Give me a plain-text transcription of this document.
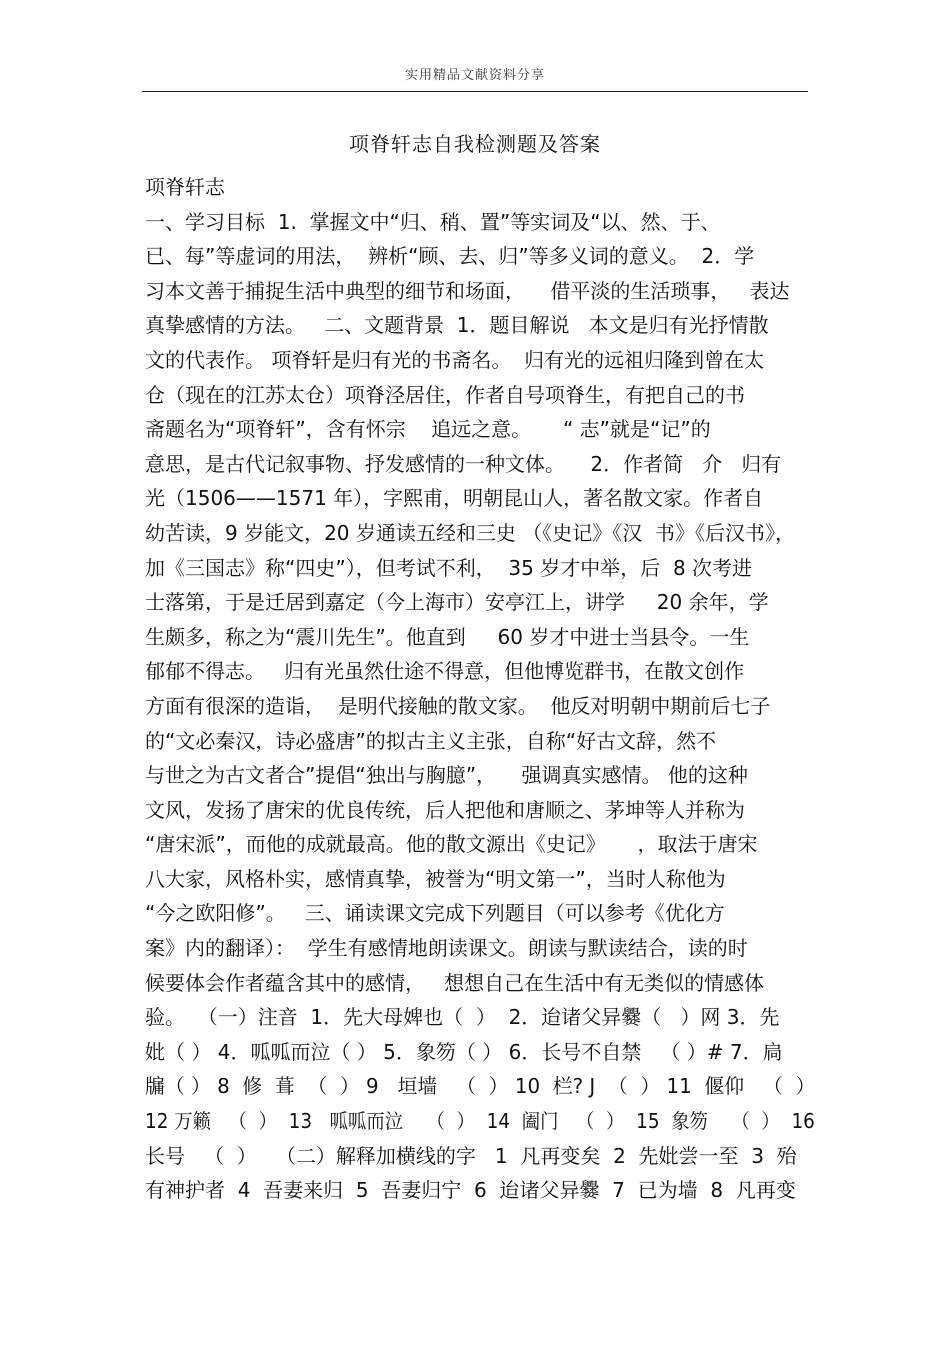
实用精品文献资料分享
项脊轩志自我检测题及答案
项脊轩志
一、学习目标  1.  掌握文中“归、稍、置”等实词及“以、然、于、
已、每”等虚词的用法，  辨析“顾、去、归”等多义词的意义。  2．学
习本文善于捕捉生活中典型的细节和场面，    借平淡的生活琐事，   表达
真挚感情的方法。   二、文题背景  1．题目解说   本文是归有光抒情散
文的代表作。 项脊轩是归有光的书斋名。  归有光的远祖归隆到曾在太
仓（现在的江苏太仓）项脊泾居住，作者自号项脊生，有把自己的书
斋题名为“项脊轩”，含有怀宗    追远之意。     “ 志”就是“记”的
意思，是古代记叙事物、抒发感情的一种文体。    2．作者简   介   归有
光（1506——1571 年），字熙甫，明朝昆山人，著名散文家。作者自
幼苦读，9 岁能文，20 岁通读五经和三史 （《史记》《汉  书》《后汉书》，
加《三国志》称“四史”），但考试不利，  35 岁才中举，后  8 次考进
士落第，于是迁居到嘉定（今上海市）安亭江上，讲学     20 余年，学
生颇多，称之为“震川先生”。他直到     60 岁才中进士当县令。一生
郁郁不得志。   归有光虽然仕途不得意，但他博览群书，在散文创作
方面有很深的造诣，  是明代接触的散文家。  他反对明朝中期前后七子
的“文必秦汉，诗必盛唐”的拟古主义主张，自称“好古文辞，然不
与世之为古文者合”提倡“独出与胸臆”，    强调真实感情。 他的这种
文风，发扬了唐宋的优良传统，后人把他和唐顺之、茅坤等人并称为
“唐宋派”，而他的成就最高。他的散文源出《史记》     ，取法于唐宋
八大家，风格朴实，感情真挚，被誉为“明文第一”，当时人称他为
“今之欧阳修”。   三、诵读课文完成下列题目（可以参考《优化方
案》内的翻译）：  学生有感情地朗读课文。朗读与默读结合，读的时
候要体会作者蕴含其中的感情，   想想自己在生活中有无类似的情感体
验。  （一）注音  1．先大母婢也（  ）  2．迨诸父异爨（   ）网 3．先
妣（ ） 4．呱呱而泣（ ） 5．象笏（ ） 6．长号不自禁   （ ）# 7．扃
牖（ ） 8  修  葺  （  ） 9   垣墙   （  ） 10  栏? J  （  ） 11  偃仰   （  ）
12 万籁   （  ）  13   呱呱而泣    （  ）  14  阖门   （  ）  15  象笏    （  ）  16
长号   （  ）   （二）解释加横线的字   1  凡再变矣  2  先妣尝一至  3  殆
有神护者  4  吾妻来归  5  吾妻归宁  6  迨诸父异爨  7  已为墙  8  凡再变
